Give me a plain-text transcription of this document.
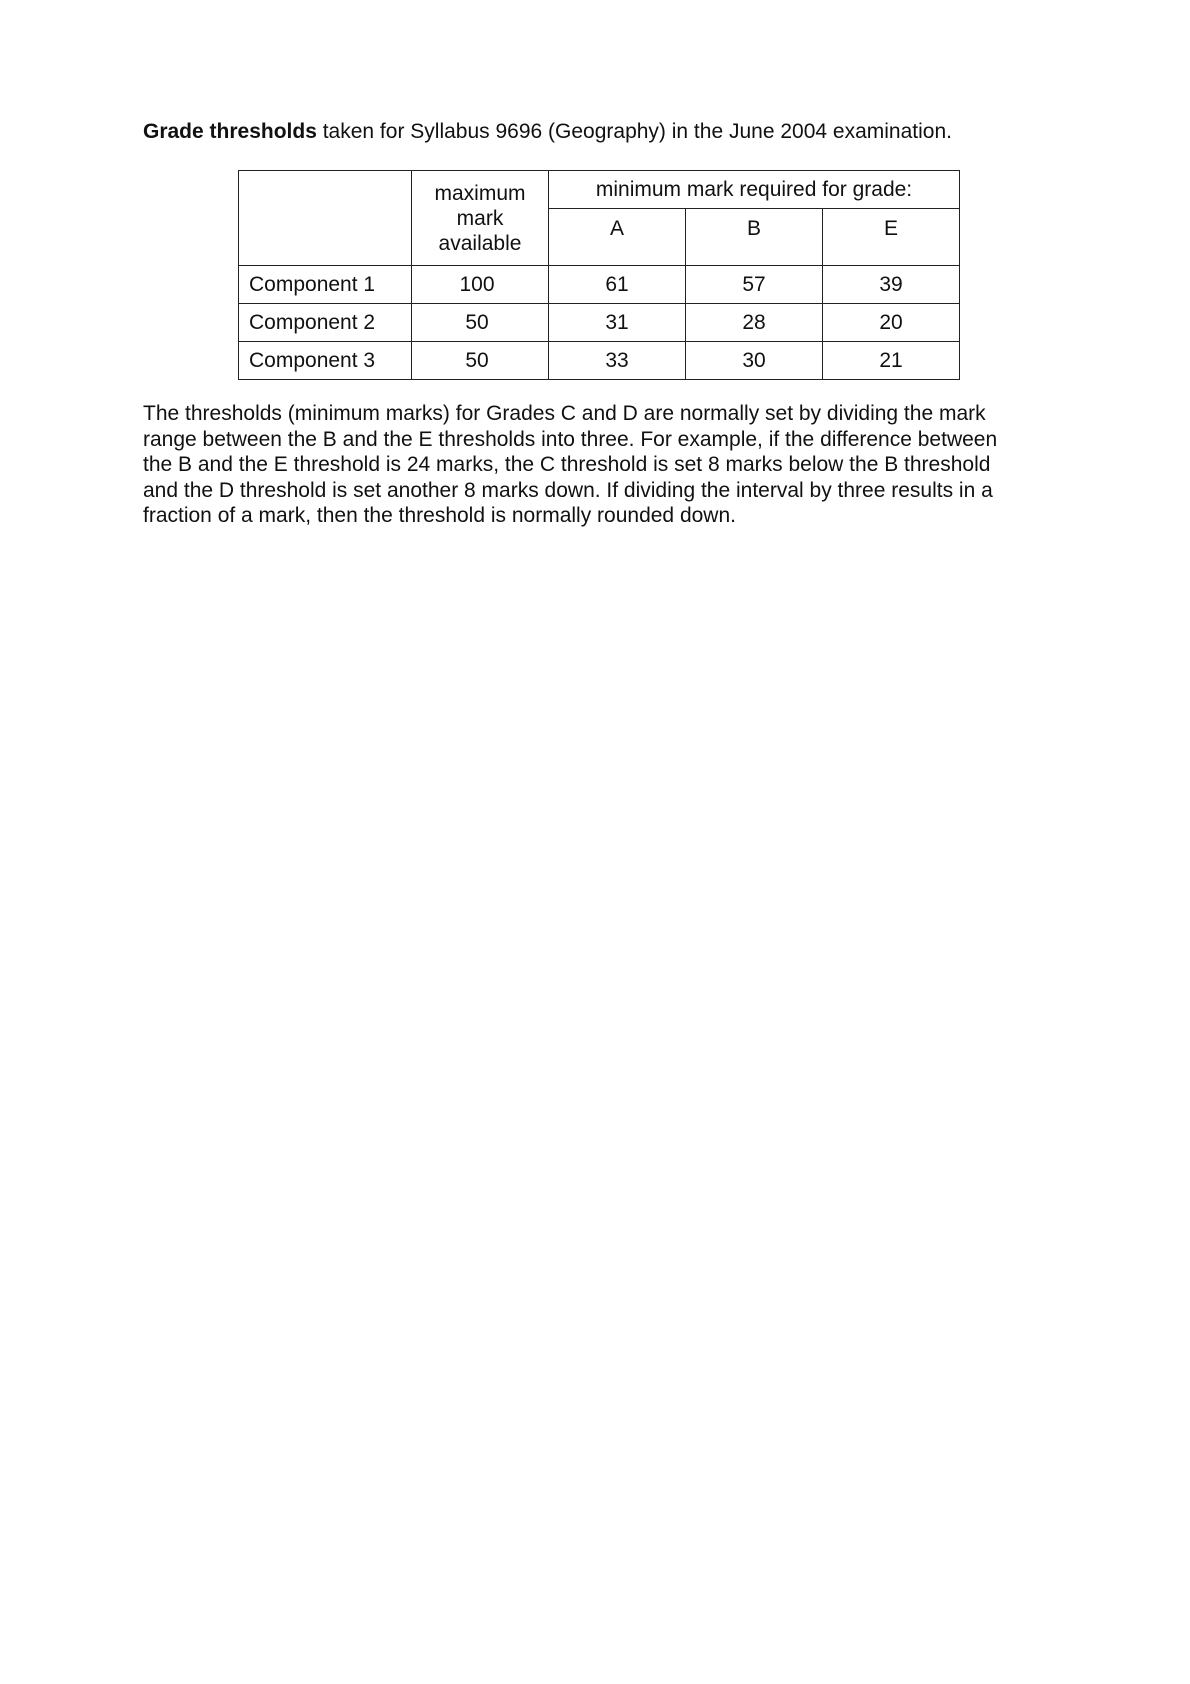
Grade thresholds taken for Syllabus 9696 (Geography) in the June 2004 examination.

	maximum
mark
available	minimum mark required for grade:		
		A	B	E
Component 1	100	61	57	39
Component 2	50	31	28	20
Component 3	50	33	30	21

The thresholds (minimum marks) for Grades C and D are normally set by dividing the mark
range between the B and the E thresholds into three. For example, if the difference between
the B and the E threshold is 24 marks, the C threshold is set 8 marks below the B threshold
and the D threshold is set another 8 marks down. If dividing the interval by three results in a
fraction of a mark, then the threshold is normally rounded down.
